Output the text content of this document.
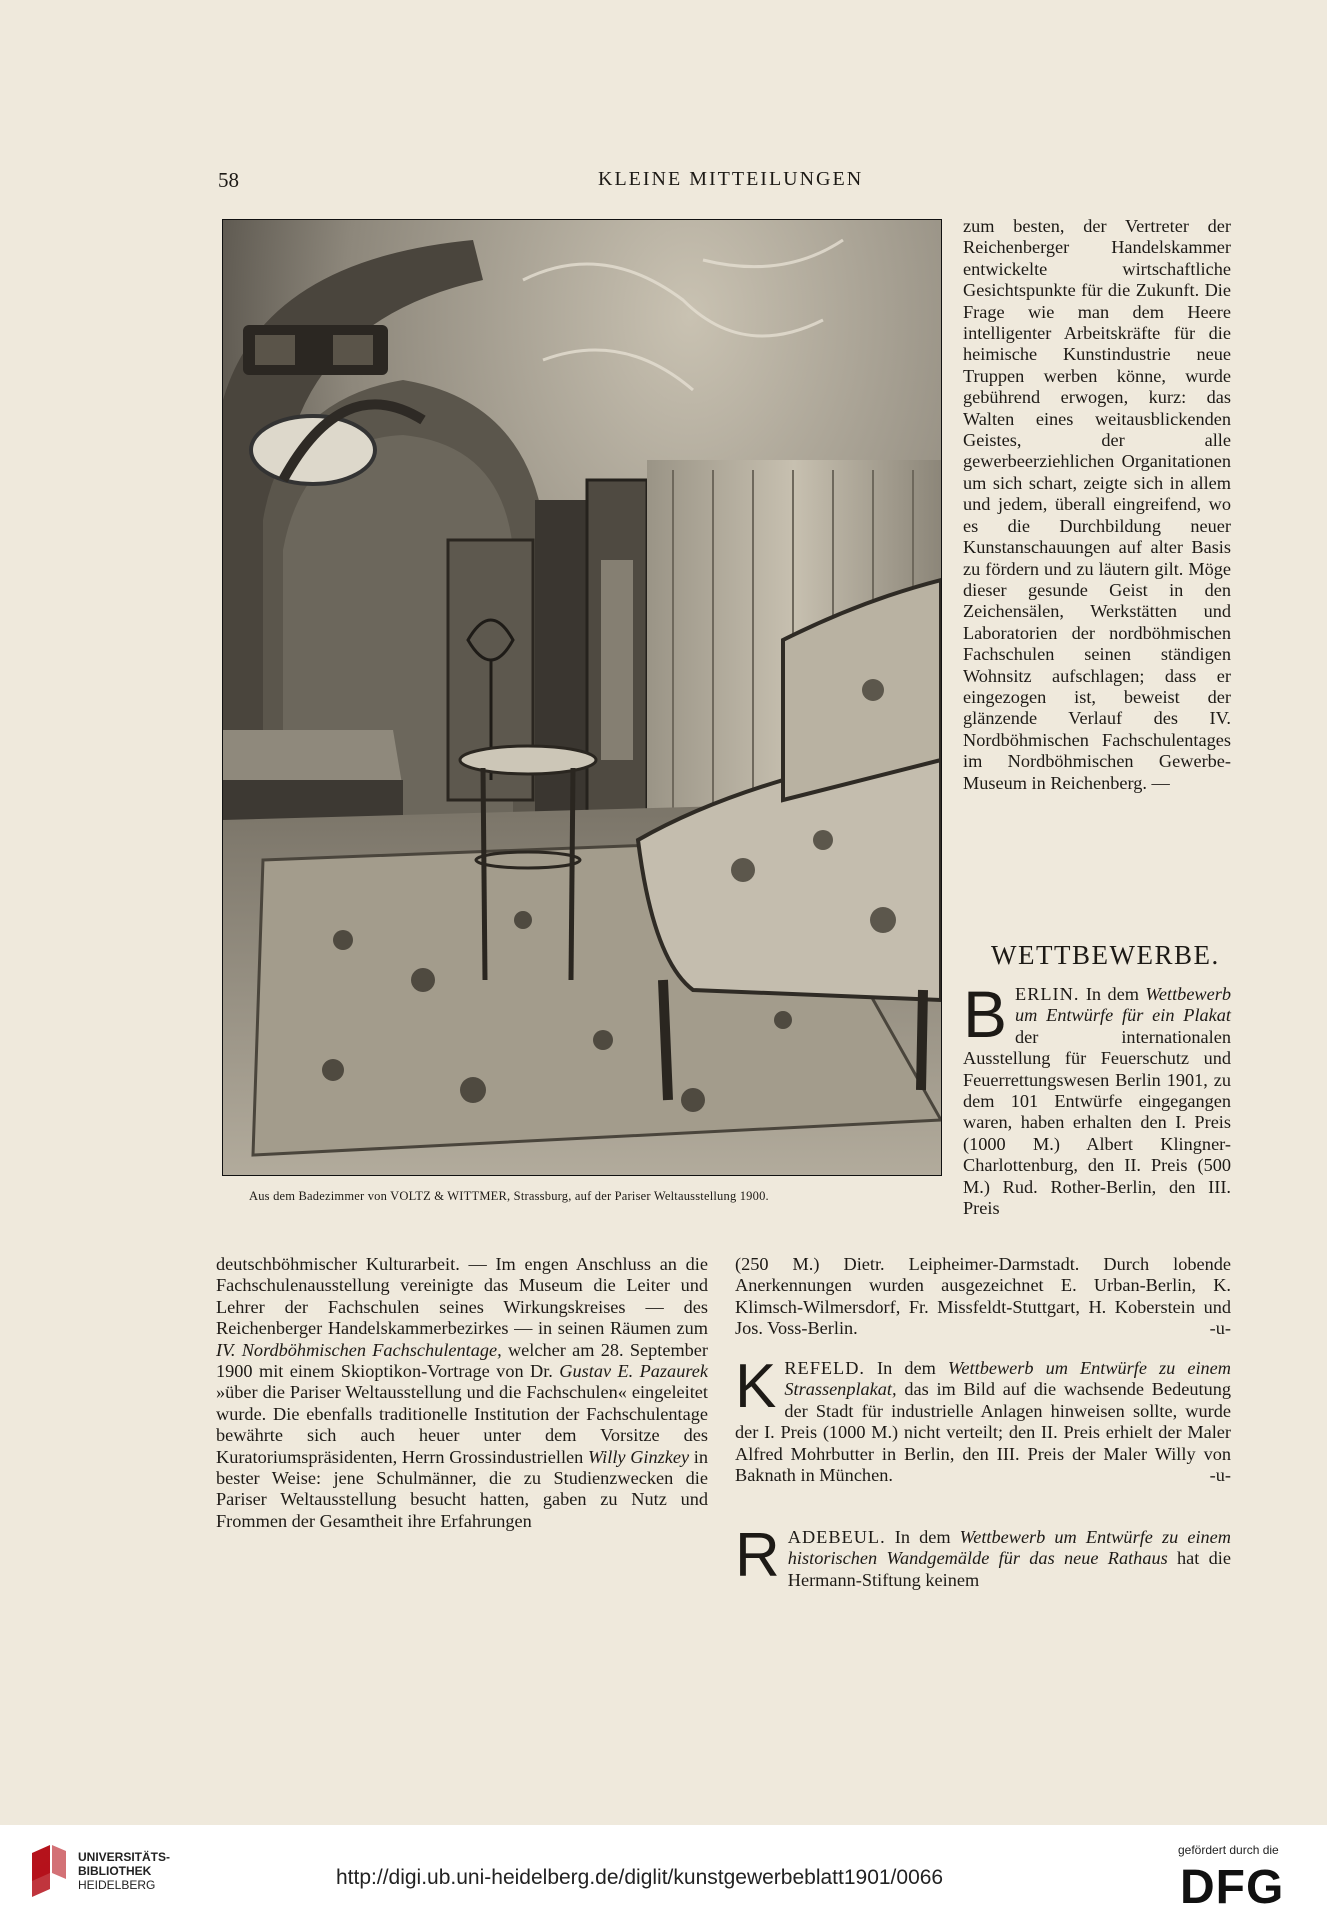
58	KLEINE MITTEILUNGEN
Aus dem Badezimmer von VOLTZ & WITTMER, Strassburg, auf der Pariser Weltausstellung 1900.

zum besten, der Vertreter der Reichenberger Handelskammer entwickelte wirtschaftliche Gesichtspunkte für die Zukunft. Die Frage wie man dem Heere intelligenter Arbeitskräfte für die heimische Kunstindustrie neue Truppen werben könne, wurde gebührend erwogen, kurz: das Walten eines weitausblickenden Geistes, der alle gewerbeerziehlichen Organitationen um sich schart, zeigte sich in allem und jedem, überall eingreifend, wo es die Durchbildung neuer Kunstanschauungen auf alter Basis zu fördern und zu läutern gilt. Möge dieser gesunde Geist in den Zeichensälen, Werkstätten und Laboratorien der nordböhmischen Fachschulen seinen ständigen Wohnsitz aufschlagen; dass er eingezogen ist, beweist der glänzende Verlauf des IV. Nordböhmischen Fachschulentages im Nordböhmischen Gewerbe-Museum in Reichenberg. —

deutschböhmischer Kulturarbeit. — Im engen Anschluss an die Fachschulenausstellung vereinigte das Museum die Leiter und Lehrer der Fachschulen seines Wirkungskreises — des Reichenberger Handelskammerbezirkes — in seinen Räumen zum IV. Nordböhmischen Fachschulentage, welcher am 28. September 1900 mit einem Skioptikon-Vortrage von Dr. Gustav E. Pazaurek »über die Pariser Weltausstellung und die Fachschulen« eingeleitet wurde. Die ebenfalls traditionelle Institution der Fachschulentage bewährte sich auch heuer unter dem Vorsitze des Kuratoriumspräsidenten, Herrn Grossindustriellen Willy Ginzkey in bester Weise: jene Schulmänner, die zu Studienzwecken die Pariser Weltausstellung besucht hatten, gaben zu Nutz und Frommen der Gesamtheit ihre Erfahrungen

WETTBEWERBE.
BERLIN. In dem Wettbewerb um Entwürfe für ein Plakat der internationalen Ausstellung für Feuerschutz und Feuerrettungswesen Berlin 1901, zu dem 101 Entwürfe eingegangen waren, haben erhalten den I. Preis (1000 M.) Albert Klingner-Charlottenburg, den II. Preis (500 M.) Rud. Rother-Berlin, den III. Preis

(250 M.) Dietr. Leipheimer-Darmstadt. Durch lobende Anerkennungen wurden ausgezeichnet E. Urban-Berlin, K. Klimsch-Wilmersdorf, Fr. Missfeldt-Stuttgart, H. Koberstein und Jos. Voss-Berlin.	-u-

KREFELD. In dem Wettbewerb um Entwürfe zu einem Strassenplakat, das im Bild auf die wachsende Bedeutung der Stadt für industrielle Anlagen hinweisen sollte, wurde der I. Preis (1000 M.) nicht verteilt; den II. Preis erhielt der Maler Alfred Mohrbutter in Berlin, den III. Preis der Maler Willy von Baknath in München.	-u-
RADEBEUL. In dem Wettbewerb um Entwürfe zu einem historischen Wandgemälde für das neue Rathaus hat die Hermann-Stiftung keinem
UNIVERSITÄTS-
BIBLIOTHEK
HEIDELBERG	http://digi.ub.uni-heidelberg.de/diglit/kunstgewerbeblatt1901/0066
gefördert durch die
DFG
